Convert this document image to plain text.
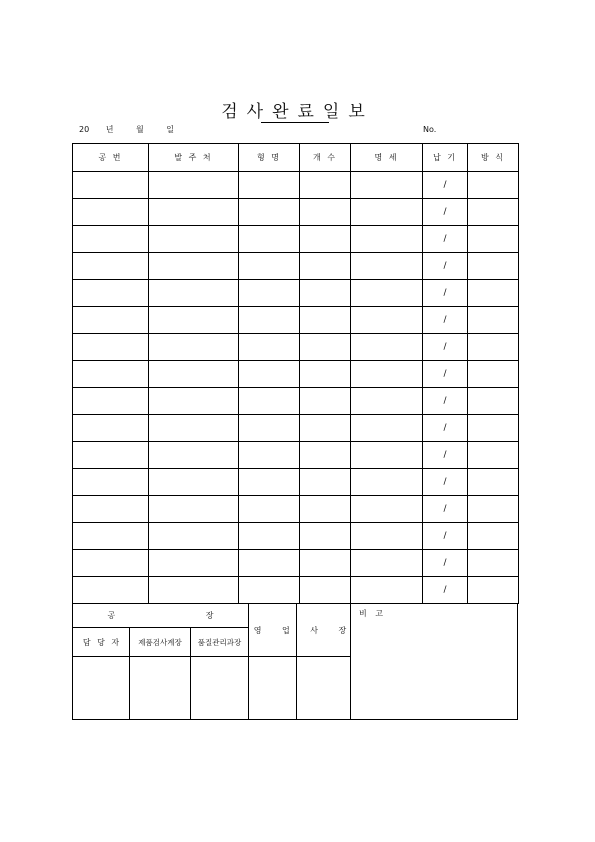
검사완료일보
20 년	월	일	No.
공 번	발 주 처	형 명	개 수	명 세	납 기	방 식
					/	
					/	
					/	
					/	
					/	
					/	
					/	
					/	
					/	
					/	
					/	
					/	
					/	
					/	
					/	
					/	
공 장
담 당 자	제품검사계장	품질관리과장
영 업 사 장
비 고
